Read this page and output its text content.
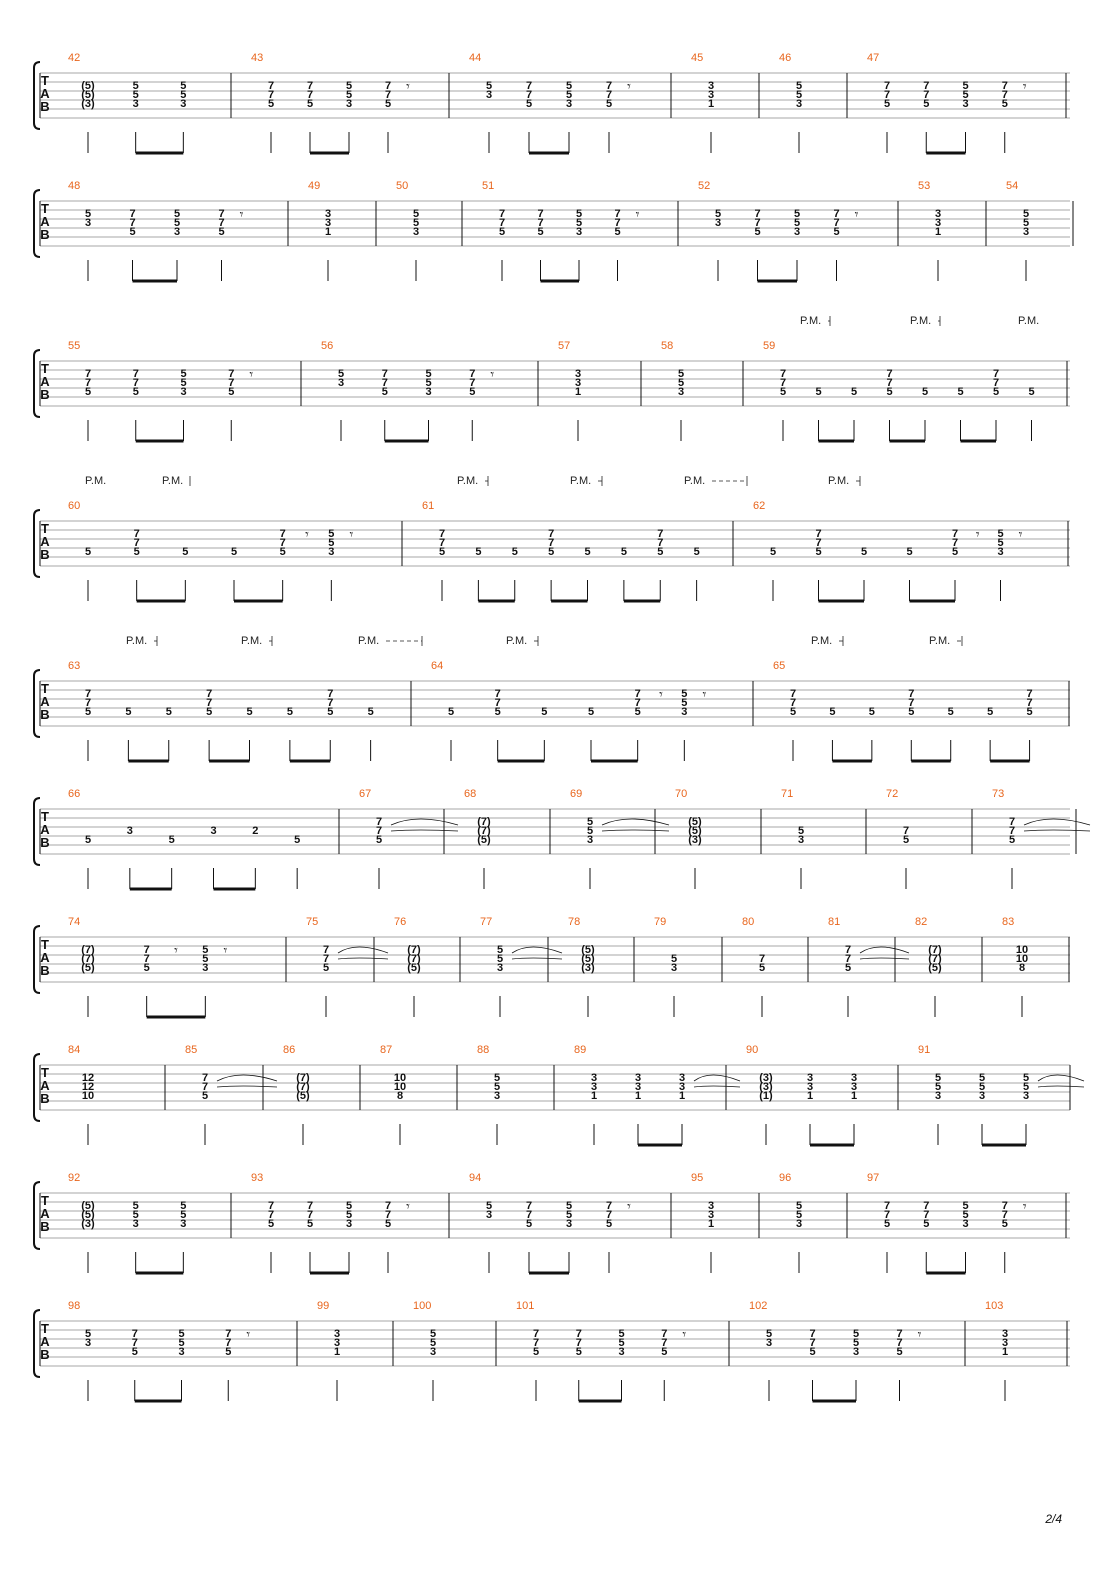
T
A
B
42
(5)
(5)
(3)
5
5
3
5
5
3
43
7
7
5
7
7
5
5
5
3
7
7
5
𝄾
44
5
3
7
7
5
5
5
3
7
7
5
𝄾
45
3
3
1
46
5
5
3
47
7
7
5
7
7
5
5
5
3
7
7
5
𝄾
T
A
B
48
5
3
7
7
5
5
5
3
7
7
5
𝄾
49
3
3
1
50
5
5
3
51
7
7
5
7
7
5
5
5
3
7
7
5
𝄾
52
5
3
7
7
5
5
5
3
7
7
5
𝄾
53
3
3
1
54
5
5
3
T
A
B
P.M.	P.M.	P.M.
55
7
7
5
7
7
5
5
5
3
7
7
5
𝄾
56
5
3
7
7
5
5
5
3
7
7
5
𝄾
57
3
3
1
58
5
5
3
59
7
7
5	5	5
7
7
5	5	5
7
7
5	5
T
A
B
P.M.	P.M.	P.M.	P.M.	P.M.	P.M.
60
5
7
7
5	5	5
7
7
5
5
5
3
𝄾
𝄾
61
7
7
5	5	5
7
7
5	5	5
7
7
5	5
62
5
7
7
5	5	5
7
7
5
5
5
3
𝄾
𝄾
T
A
B
P.M.	P.M.	P.M.	P.M.	P.M.	P.M.
63
7
7
5	5	5
7
7
5	5	5
7
7
5	5
64
5
7
7
5	5	5
7
7
5
5
5
3
𝄾
𝄾
65
7
7
5	5	5
7
7
5	5	5
7
7
5
T
A
B
66
5
3
5
3	2
5
67
7
7
5
68
(7)
(7)
(5)
69
5
5
3
70
(5)
(5)
(3)
71
5
3
72
7
5
73
7
7
5
T
A
B
74
(7)
(7)
(5)
7
7
5
5
5
3
𝄾
𝄾
75
7
7
5
76
(7)
(7)
(5)
77
5
5
3
78
(5)
(5)
(3)
79
5
3
80
7
5
81
7
7
5
82
(7)
(7)
(5)
83
10
10
8
T
A
B
84
12
12
10
85
7
7
5
86
(7)
(7)
(5)
87
10
10
8
88
5
5
3
89
3
3
1
3
3
1
3
3
1
90
(3)
(3)
(1)
3
3
1
3
3
1
91
5
5
3
5
5
3
5
5
3
T
A
B
92
(5)
(5)
(3)
5
5
3
5
5
3
93
7
7
5
7
7
5
5
5
3
7
7
5
𝄾
94
5
3
7
7
5
5
5
3
7
7
5
𝄾
95
3
3
1
96
5
5
3
97
7
7
5
7
7
5
5
5
3
7
7
5
𝄾
T
A
B
98
5
3
7
7
5
5
5
3
7
7
5
𝄾
99
3
3
1
100
5
5
3
101
7
7
5
7
7
5
5
5
3
7
7
5
𝄾
102
5
3
7
7
5
5
5
3
7
7
5
𝄾
103
3
3
1
2/4
